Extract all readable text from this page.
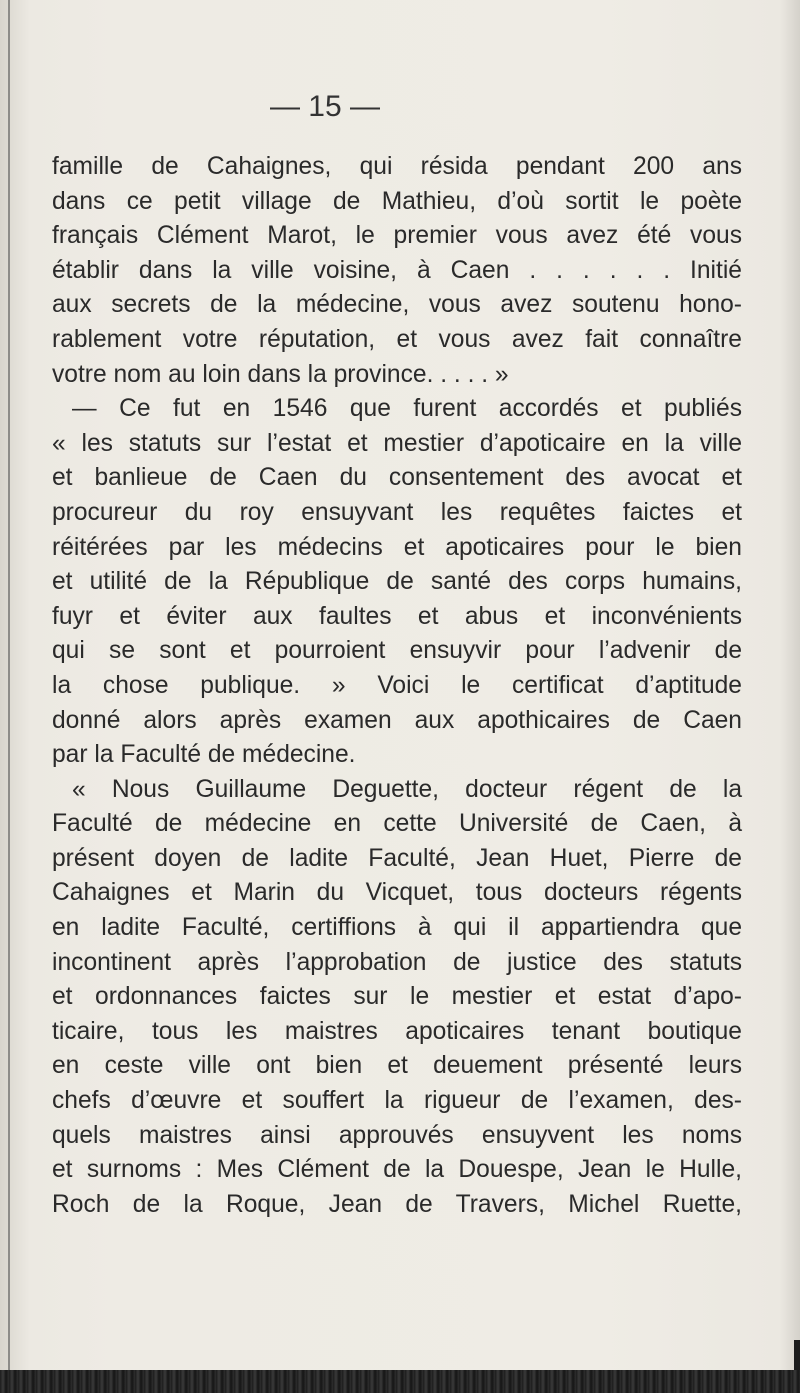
— 15 —
famille de Cahaignes, qui résida pendant 200 ans
dans ce petit village de Mathieu, d’où sortit le poète
français Clément Marot, le premier vous avez été vous
établir dans la ville voisine, à Caen . . . . . . Initié
aux secrets de la médecine, vous avez soutenu hono-
rablement votre réputation, et vous avez fait connaître
votre nom au loin dans la province. . . . . »
— Ce fut en 1546 que furent accordés et publiés
« les statuts sur l’estat et mestier d’apoticaire en la ville
et banlieue de Caen du consentement des avocat et
procureur du roy ensuyvant les requêtes faictes et
réitérées par les médecins et apoticaires pour le bien
et utilité de la République de santé des corps humains,
fuyr et éviter aux faultes et abus et inconvénients
qui se sont et pourroient ensuyvir pour l’advenir de
la chose publique. » Voici le certificat d’aptitude
donné alors après examen aux apothicaires de Caen
par la Faculté de médecine.
« Nous Guillaume Deguette, docteur régent de la
Faculté de médecine en cette Université de Caen, à
présent doyen de ladite Faculté, Jean Huet, Pierre de
Cahaignes et Marin du Vicquet, tous docteurs régents
en ladite Faculté, certiffions à qui il appartiendra que
incontinent après l’approbation de justice des statuts
et ordonnances faictes sur le mestier et estat d’apo-
ticaire, tous les maistres apoticaires tenant boutique
en ceste ville ont bien et deuement présenté leurs
chefs d’œuvre et souffert la rigueur de l’examen, des-
quels maistres ainsi approuvés ensuyvent les noms
et surnoms : Mes Clément de la Douespe, Jean le Hulle,
Roch de la Roque, Jean de Travers, Michel Ruette,
